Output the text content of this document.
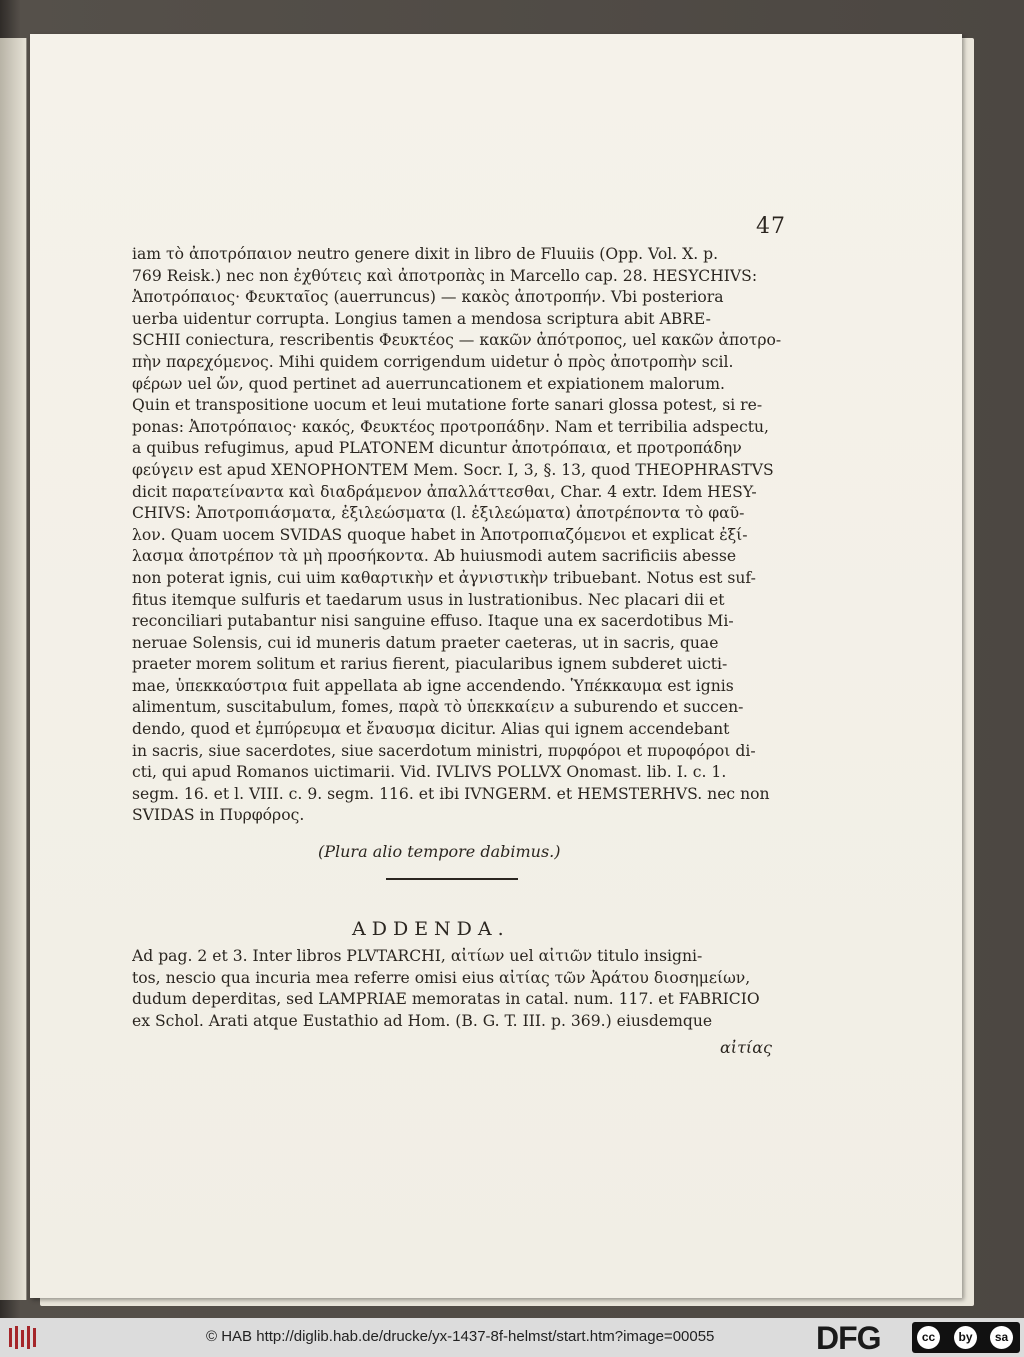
47
iam τὸ ἀποτρόπαιον neutro genere dixit in libro de Fluuiis (Opp. Vol. X. p.
769 Reisk.) nec non ἐχθύτεις καὶ ἀποτροπὰς in Marcello cap. 28. HESYCHIVS:
Ἀποτρόπαιος· Φευκταῖος (auerruncus) — κακὸς ἀποτροπήν. Vbi posteriora
uerba uidentur corrupta. Longius tamen a mendosa scriptura abit ABRE-
SCHII coniectura, rescribentis Φευκτέος — κακῶν ἀπότροπος, uel κακῶν ἀποτρο-
πὴν παρεχόμενος. Mihi quidem corrigendum uidetur ὁ πρὸς ἀποτροπὴν scil.
φέρων uel ὤν, quod pertinet ad auerruncationem et expiationem malorum.
Quin et transpositione uocum et leui mutatione forte sanari glossa potest, si re-
ponas: Ἀποτρόπαιος· κακός, Φευκτέος προτροπάδην. Nam et terribilia adspectu,
a quibus refugimus, apud PLATONEM dicuntur ἀποτρόπαια, et προτροπάδην
φεύγειν est apud XENOPHONTEM Mem. Socr. I, 3, §. 13, quod THEOPHRASTVS
dicit παρατείναντα καὶ διαδράμενον ἀπαλλάττεσθαι, Char. 4 extr. Idem HESY-
CHIVS: Ἀποτροπιάσματα, ἐξιλεώσματα (l. ἐξιλεώματα) ἀποτρέποντα τὸ φαῦ-
λον. Quam uocem SVIDAS quoque habet in Ἀποτροπιαζόμενοι et explicat ἐξί-
λασμα ἀποτρέπον τὰ μὴ προσήκοντα. Ab huiusmodi autem sacrificiis abesse
non poterat ignis, cui uim καθαρτικὴν et ἀγνιστικὴν tribuebant. Notus est suf-
fitus itemque sulfuris et taedarum usus in lustrationibus. Nec placari dii et
reconciliari putabantur nisi sanguine effuso. Itaque una ex sacerdotibus Mi-
neruae Solensis, cui id muneris datum praeter caeteras, ut in sacris, quae
praeter morem solitum et rarius fierent, piacularibus ignem subderet uicti-
mae, ὑπεκκαύστρια fuit appellata ab igne accendendo. Ὑπέκκαυμα est ignis
alimentum, suscitabulum, fomes, παρὰ τὸ ὑπεκκαίειν a suburendo et succen-
dendo, quod et ἐμπύρευμα et ἔναυσμα dicitur. Alias qui ignem accendebant
in sacris, siue sacerdotes, siue sacerdotum ministri, πυρφόροι et πυροφόροι di-
cti, qui apud Romanos uictimarii. Vid. IVLIVS POLLVX Onomast. lib. I. c. 1.
segm. 16. et l. VIII. c. 9. segm. 116. et ibi IVNGERM. et HEMSTERHVS. nec non
SVIDAS in Πυρφόρος.
(Plura alio tempore dabimus.)
ADDENDA.
Ad pag. 2 et 3. Inter libros PLVTARCHI, αἰτίων uel αἰτιῶν titulo insigni-
tos, nescio qua incuria mea referre omisi eius αἰτίας τῶν Ἀράτου διοσημείων,
dudum deperditas, sed LAMPRIAE memoratas in catal. num. 117. et FABRICIO
ex Schol. Arati atque Eustathio ad Hom. (B. G. T. III. p. 369.) eiusdemque
αἰτίας
© HAB http://diglib.hab.de/drucke/yx-1437-8f-helmst/start.htm?image=00055	DFG	cc	by	sa
